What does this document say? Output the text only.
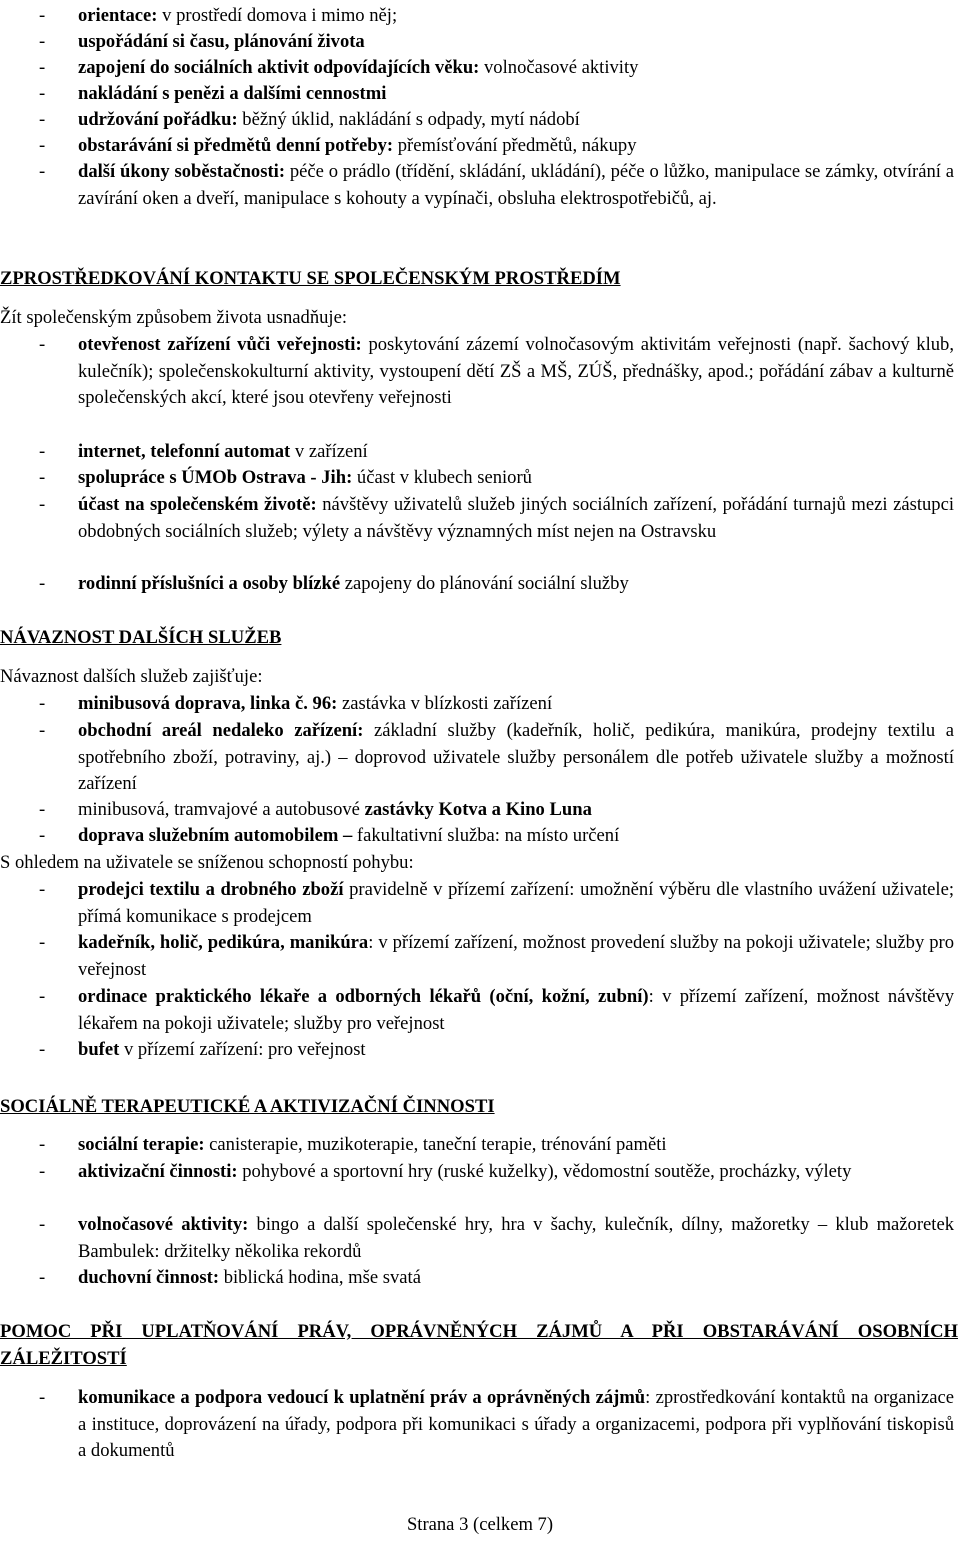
- orientace: v prostředí domova i mimo něj;
- uspořádání si času, plánování života
- zapojení do sociálních aktivit odpovídajících věku: volnočasové aktivity
- nakládání s penězi a dalšími cennostmi
- udržování pořádku: běžný úklid, nakládání s odpady, mytí nádobí
- obstarávání si předmětů denní potřeby: přemísťování předmětů, nákupy
- další úkony soběstačnosti: péče o prádlo (třídění, skládání, ukládání), péče o lůžko, manipulace se zámky, otvírání a zavírání oken a dveří, manipulace s kohouty a vypínači, obsluha elektrospotřebičů, aj.

ZPROSTŘEDKOVÁNÍ KONTAKTU SE SPOLEČENSKÝM PROSTŘEDÍM

Žít společenským způsobem života usnadňuje:

- otevřenost zařízení vůči veřejnosti: poskytování zázemí volnočasovým aktivitám veřejnosti (např. šachový klub, kulečník); společenskokulturní aktivity, vystoupení dětí ZŠ a MŠ, ZÚŠ, přednášky, apod.; pořádání zábav a kulturně společenských akcí, které jsou otevřeny veřejnosti
- internet, telefonní automat v zařízení
- spolupráce s ÚMOb Ostrava - Jih: účast v klubech seniorů
- účast na společenském životě: návštěvy uživatelů služeb jiných sociálních zařízení, pořádání turnajů mezi zástupci obdobných sociálních služeb; výlety a návštěvy významných míst nejen na Ostravsku
- rodinní příslušníci a osoby blízké zapojeny do plánování sociální služby

NÁVAZNOST DALŠÍCH SLUŽEB

Návaznost dalších služeb zajišťuje:

- minibusová doprava, linka č. 96: zastávka v blízkosti zařízení
- obchodní areál nedaleko zařízení: základní služby (kadeřník, holič, pedikúra, manikúra, prodejny textilu a spotřebního zboží, potraviny, aj.) – doprovod uživatele služby personálem dle potřeb uživatele služby a možností zařízení
- minibusová, tramvajové a autobusové zastávky Kotva a Kino Luna
- doprava služebním automobilem – fakultativní služba: na místo určení

S ohledem na uživatele se sníženou schopností pohybu:

- prodejci textilu a drobného zboží pravidelně v přízemí zařízení: umožnění výběru dle vlastního uvážení uživatele; přímá komunikace s prodejcem
- kadeřník, holič, pedikúra, manikúra: v přízemí zařízení, možnost provedení služby na pokoji uživatele; služby pro veřejnost
- ordinace praktického lékaře a odborných lékařů (oční, kožní, zubní): v přízemí zařízení, možnost návštěvy lékařem na pokoji uživatele; služby pro veřejnost
- bufet v přízemí zařízení: pro veřejnost

SOCIÁLNĚ TERAPEUTICKÉ A AKTIVIZAČNÍ ČINNOSTI

- sociální terapie: canisterapie, muzikoterapie, taneční terapie, trénování paměti
- aktivizační činnosti: pohybové a sportovní hry (ruské kuželky), vědomostní soutěže, procházky, výlety
- volnočasové aktivity: bingo a další společenské hry, hra v šachy, kulečník, dílny, mažoretky – klub mažoretek Bambulek: držitelky několika rekordů
- duchovní činnost: biblická hodina, mše svatá

POMOC PŘI UPLATŇOVÁNÍ PRÁV, OPRÁVNĚNÝCH ZÁJMŮ A PŘI OBSTARÁVÁNÍ OSOBNÍCH ZÁLEŽITOSTÍ

- komunikace a podpora vedoucí k uplatnění práv a oprávněných zájmů: zprostředkování kontaktů na organizace a instituce, doprovázení na úřady, podpora při komunikaci s úřady a organizacemi, podpora při vyplňování tiskopisů a dokumentů
Strana 3 (celkem 7)
